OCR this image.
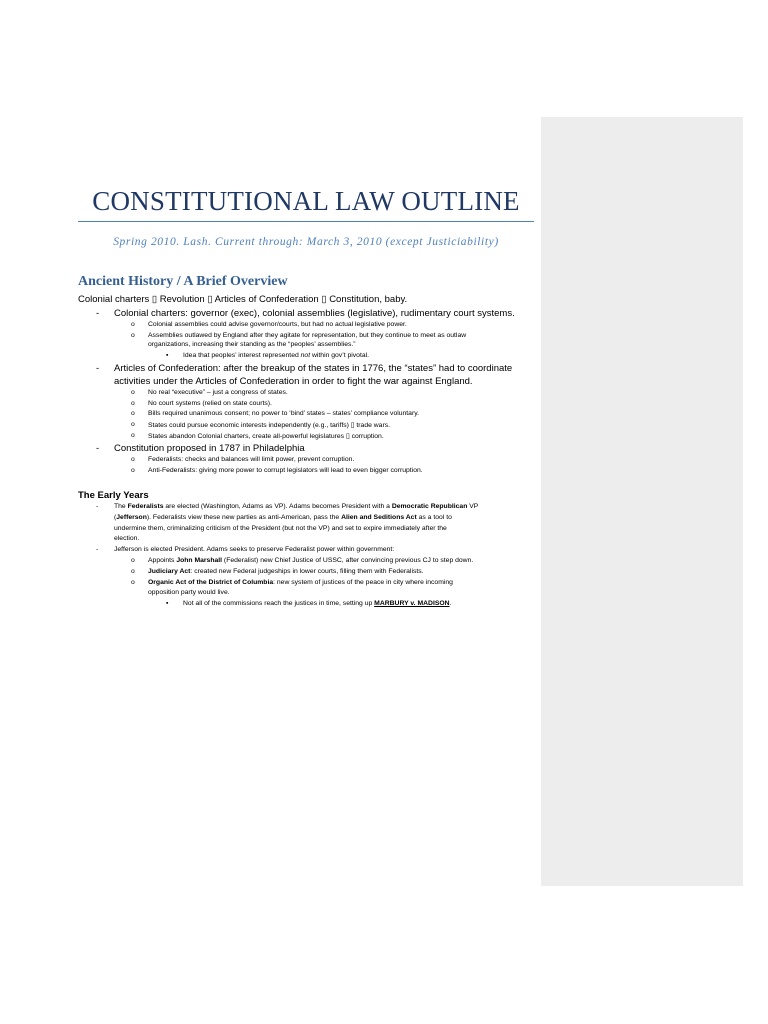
CONSTITUTIONAL LAW OUTLINE
Spring 2010. Lash. Current through: March 3, 2010 (except Justiciability)
Ancient History / A Brief Overview
Colonial charters ▯ Revolution ▯ Articles of Confederation ▯ Constitution, baby.
- Colonial charters: governor (exec), colonial assemblies (legislative), rudimentary court systems.
o Colonial assemblies could advise governor/courts, but had no actual legislative power.
o Assemblies outlawed by England after they agitate for representation, but they continue to meet as outlaw
organizations, increasing their standing as the “peoples’ assemblies.”
▪ Idea that peoples’ interest represented not within gov’t pivotal.
- Articles of Confederation: after the breakup of the states in 1776, the “states” had to coordinate
activities under the Articles of Confederation in order to fight the war against England.
o No real “executive” – just a congress of states.
o No court systems (relied on state courts).
o Bills required unanimous consent; no power to ‘bind’ states – states’ compliance voluntary.
o States could pursue economic interests independently (e.g., tariffs) ▯ trade wars.
o States abandon Colonial charters, create all-powerful legislatures ▯ corruption.
- Constitution proposed in 1787 in Philadelphia
o Federalists: checks and balances will limit power, prevent corruption.
o Anti-Federalists: giving more power to corrupt legislators will lead to even bigger corruption.
The Early Years
- The Federalists are elected (Washington, Adams as VP). Adams becomes President with a Democratic Republican VP
(Jefferson). Federalists view these new parties as anti-American, pass the Alien and Seditions Act as a tool to
undermine them, criminalizing criticism of the President (but not the VP) and set to expire immediately after the
election.
- Jefferson is elected President. Adams seeks to preserve Federalist power within government:
o Appoints John Marshall (Federalist) new Chief Justice of USSC, after convincing previous CJ to step down.
o Judiciary Act: created new Federal judgeships in lower courts, filling them with Federalists.
o Organic Act of the District of Columbia: new system of justices of the peace in city where incoming
opposition party would live.
▪ Not all of the commissions reach the justices in time, setting up MARBURY v. MADISON.
